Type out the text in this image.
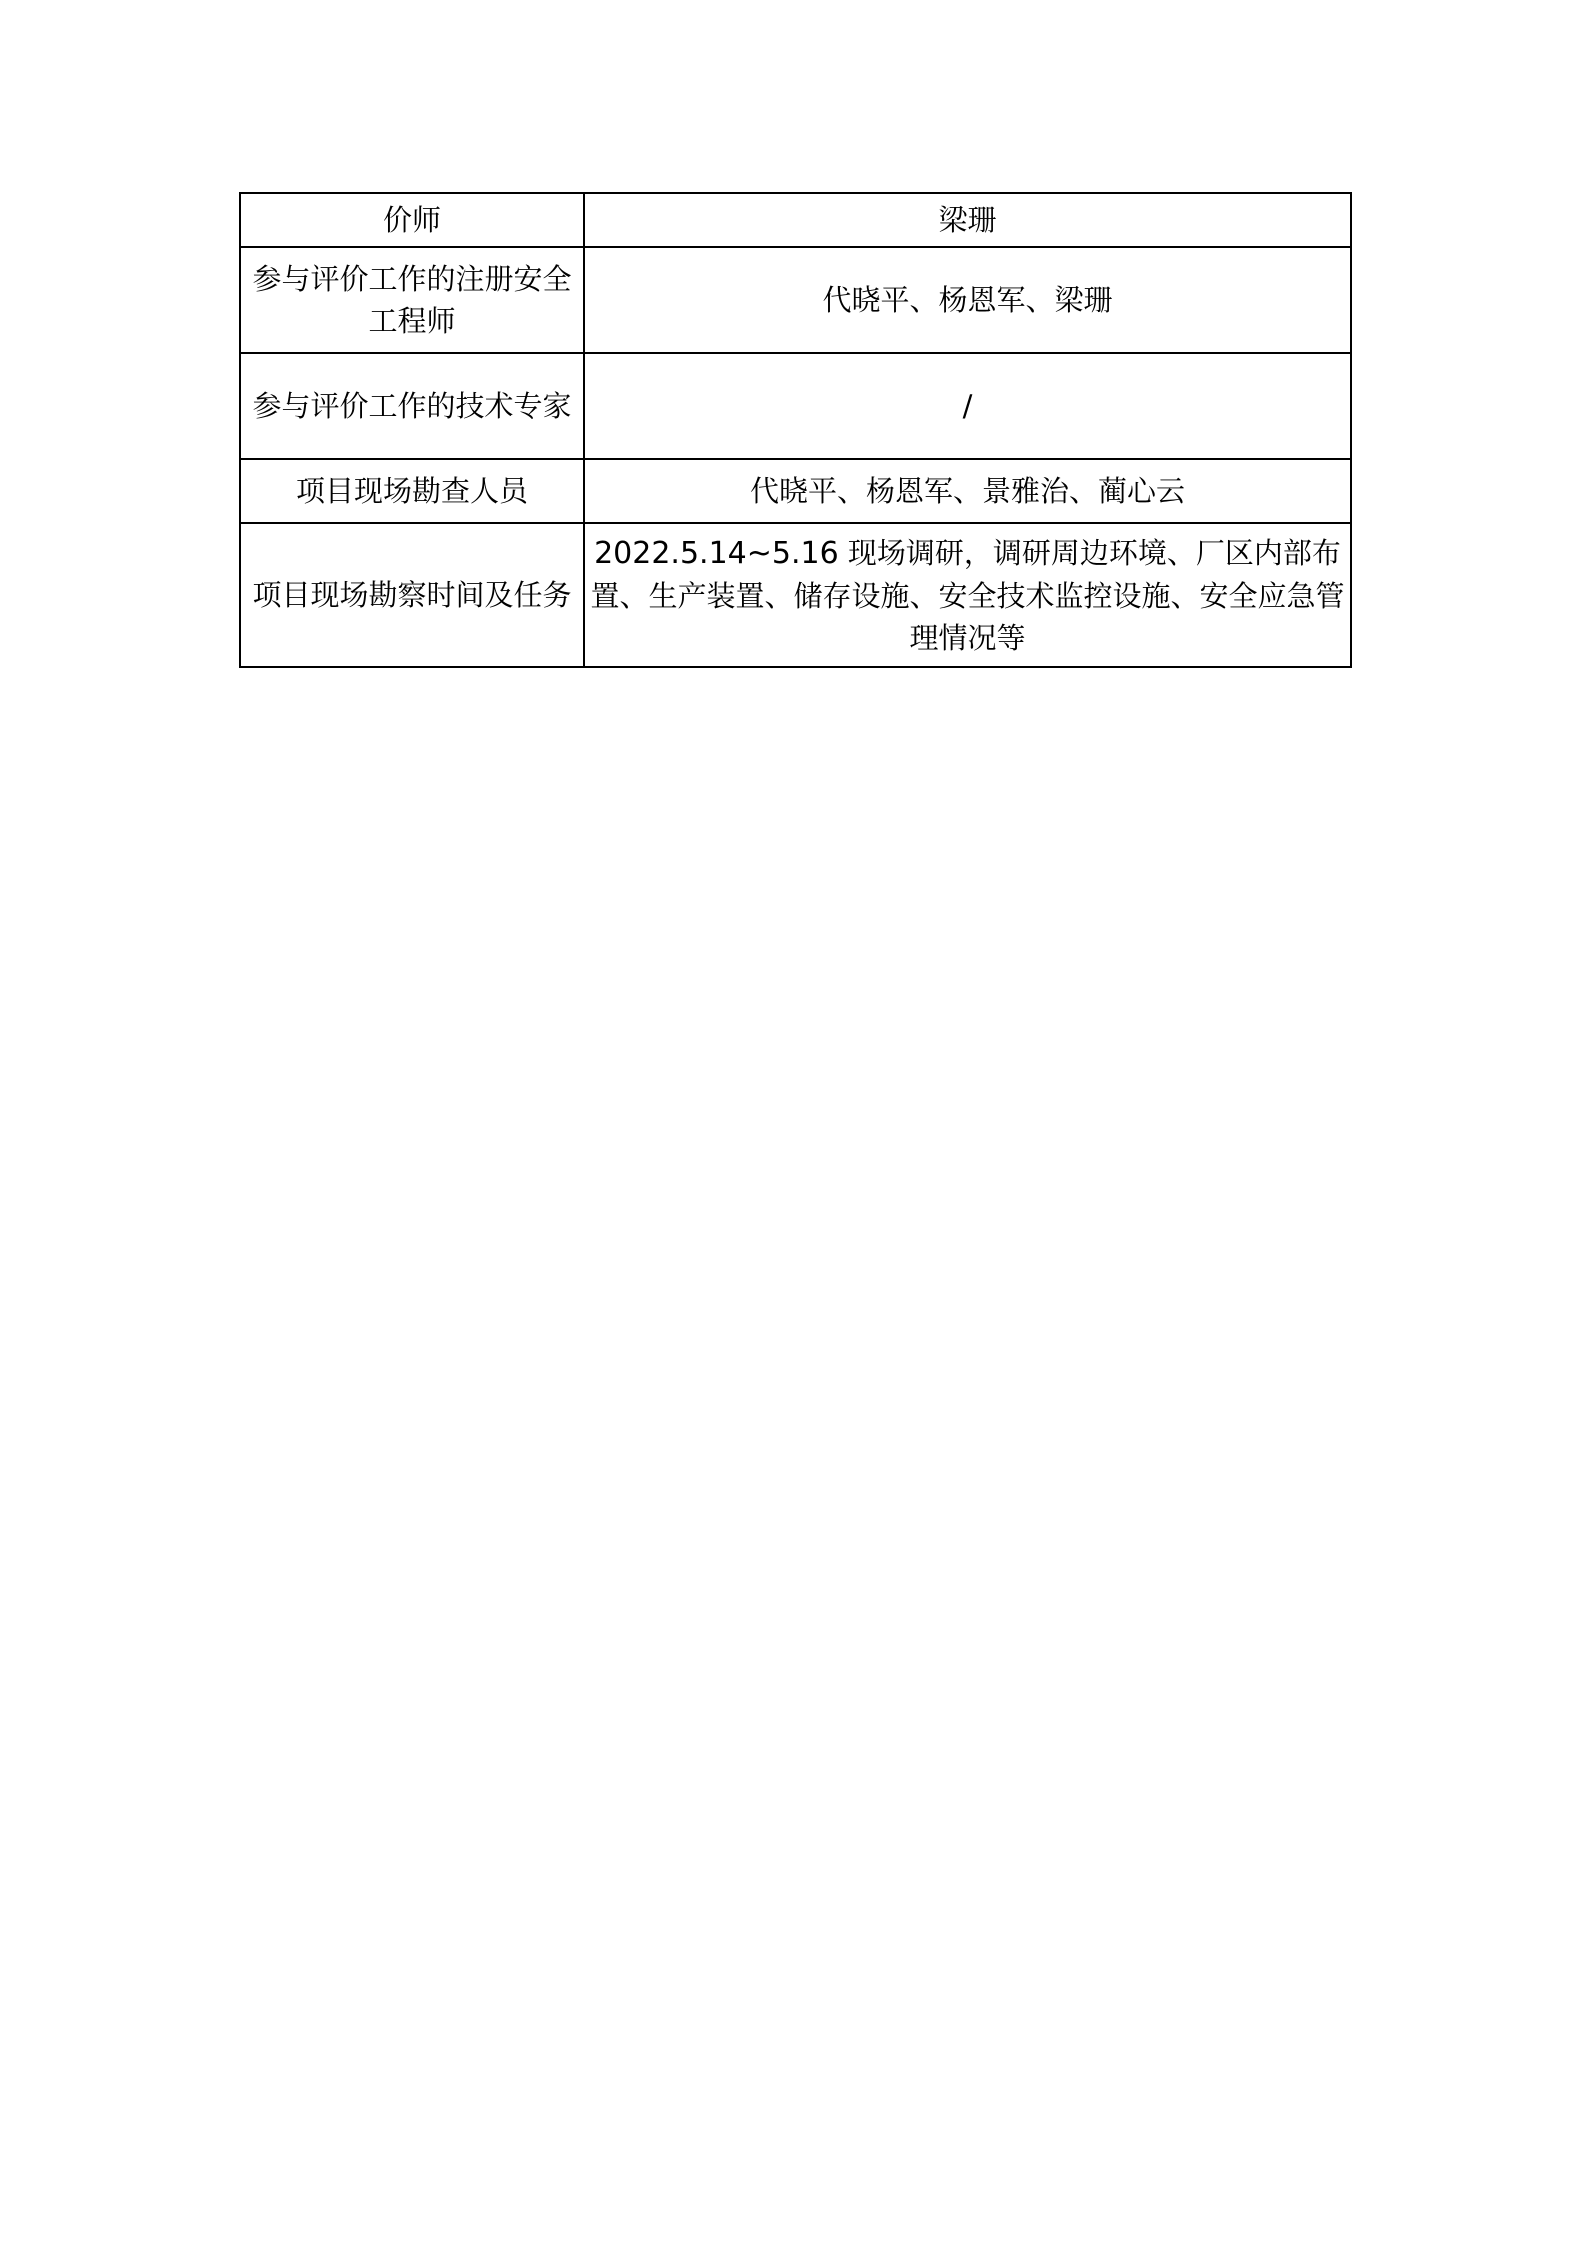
价师	梁珊
参与评价工作的注册安全工程师	代晓平、杨恩军、梁珊
参与评价工作的技术专家	/
项目现场勘查人员	代晓平、杨恩军、景雅治、蔺心云
项目现场勘察时间及任务	2022.5.14~5.16 现场调研，调研周边环境、厂区内部布置、生产装置、储存设施、安全技术监控设施、安全应急管理情况等
